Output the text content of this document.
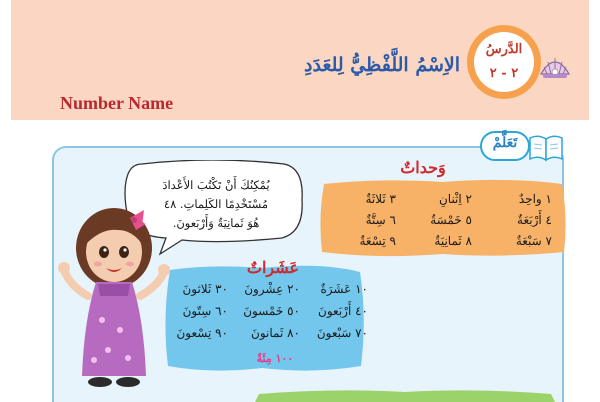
الدَّرسُ
٢ - ٢
الاِسْمُ اللَّفْظِيُّ لِلعَدَدِ
Number Name
تَعَلَّمْ
وَحداتٌ
١ واحِدٌ
٢ اِثْنانِ
٣ ثَلاثَةٌ
٤ أَرْبَعَةٌ
٥ خَمْسَةٌ
٦ سِتَّةٌ
٧ سَبْعَةٌ
٨ ثَمانِيَةٌ
٩ تِسْعَةٌ
عَشَراتٌ
١٠ عَشَرَةٌ
٢٠ عِشْرونَ
٣٠ ثَلاثونَ
٤٠ أَرْبَعونَ
٥٠ خَمْسونَ
٦٠ سِتّونَ
٧٠ سَبْعونَ
٨٠ ثَمانونَ
٩٠ تِسْعونَ
١٠٠ مِئَةٌ
يُمْكِنُكَ أَنْ تَكْتُبَ الأَعْدادَ
مُسْتَخْدِمًا الكَلِماتِ. ٤٨
هُوَ ثَمانِيَةٌ وَأَرْبَعونَ.
